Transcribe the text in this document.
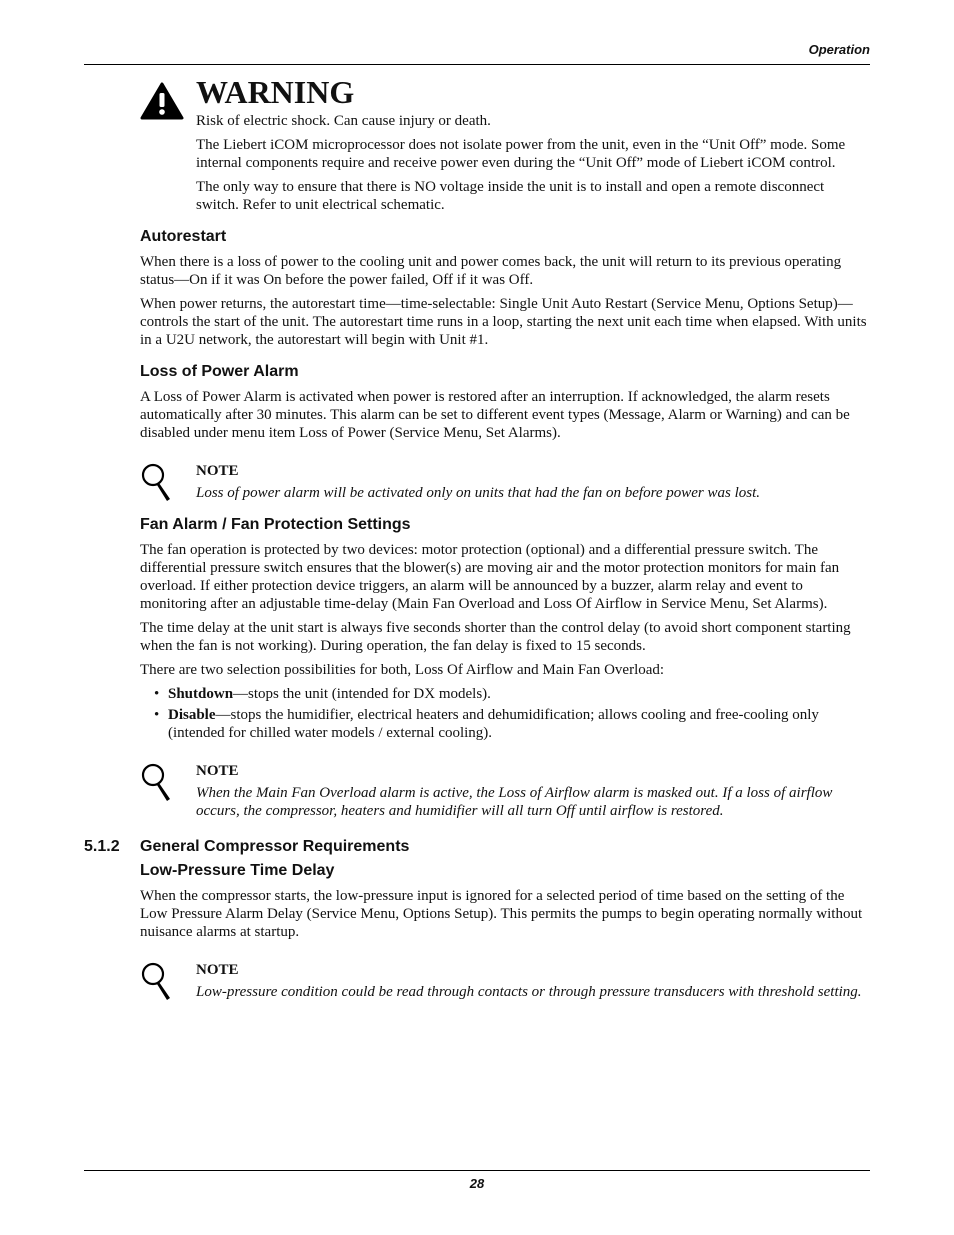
Operation
WARNING

Risk of electric shock. Can cause injury or death.

The Liebert iCOM microprocessor does not isolate power from the unit, even in the “Unit Off” mode. Some internal components require and receive power even during the “Unit Off” mode of Liebert iCOM control.

The only way to ensure that there is NO voltage inside the unit is to install and open a remote disconnect switch. Refer to unit electrical schematic.

Autorestart

When there is a loss of power to the cooling unit and power comes back, the unit will return to its previous operating status—On if it was On before the power failed, Off if it was Off.

When power returns, the autorestart time—time-selectable: Single Unit Auto Restart (Service Menu, Options Setup)—controls the start of the unit. The autorestart time runs in a loop, starting the next unit each time when elapsed. With units in a U2U network, the autorestart will begin with Unit #1.

Loss of Power Alarm

A Loss of Power Alarm is activated when power is restored after an interruption. If acknowledged, the alarm resets automatically after 30 minutes. This alarm can be set to different event types (Message, Alarm or Warning) and can be disabled under menu item Loss of Power (Service Menu, Set Alarms).

NOTE
Loss of power alarm will be activated only on units that had the fan on before power was lost.
Fan Alarm / Fan Protection Settings

The fan operation is protected by two devices: motor protection (optional) and a differential pressure switch. The differential pressure switch ensures that the blower(s) are moving air and the motor protection monitors for main fan overload. If either protection device triggers, an alarm will be announced by a buzzer, alarm relay and event to monitoring after an adjustable time-delay (Main Fan Overload and Loss Of Airflow in Service Menu, Set Alarms).

The time delay at the unit start is always five seconds shorter than the control delay (to avoid short component starting when the fan is not working). During operation, the fan delay is fixed to 15 seconds.

There are two selection possibilities for both, Loss Of Airflow and Main Fan Overload:

• Shutdown—stops the unit (intended for DX models).
• Disable—stops the humidifier, electrical heaters and dehumidification; allows cooling and free-cooling only (intended for chilled water models / external cooling).
NOTE
When the Main Fan Overload alarm is active, the Loss of Airflow alarm is masked out. If a loss of airflow occurs, the compressor, heaters and humidifier will all turn Off until airflow is restored.
5.1.2 General Compressor Requirements
Low-Pressure Time Delay

When the compressor starts, the low-pressure input is ignored for a selected period of time based on the setting of the Low Pressure Alarm Delay (Service Menu, Options Setup). This permits the pumps to begin operating normally without nuisance alarms at startup.

NOTE
Low-pressure condition could be read through contacts or through pressure transducers with threshold setting.
28
